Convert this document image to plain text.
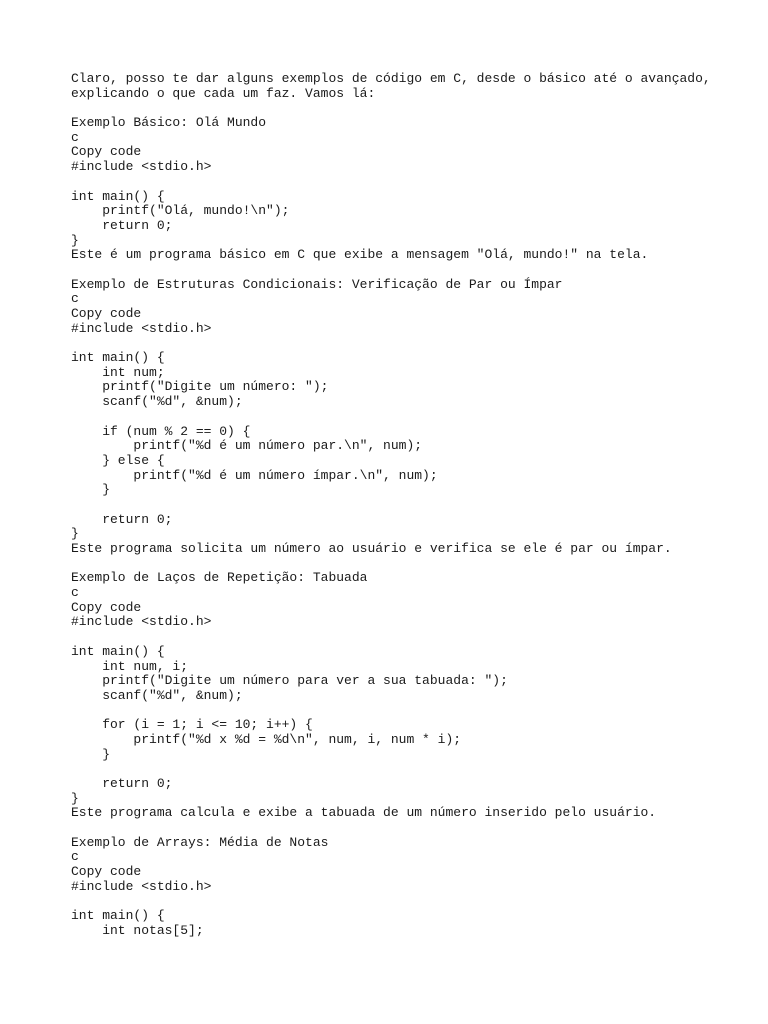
Claro, posso te dar alguns exemplos de código em C, desde o básico até o avançado,
explicando o que cada um faz. Vamos lá:
Exemplo Básico: Olá Mundo
c
Copy code
#include <stdio.h>
int main() {
printf("Olá, mundo!\n");
return 0;
}
Este é um programa básico em C que exibe a mensagem "Olá, mundo!" na tela.
Exemplo de Estruturas Condicionais: Verificação de Par ou Ímpar
c
Copy code
#include <stdio.h>
int main() {
int num;
printf("Digite um número: ");
scanf("%d", &num);
if (num % 2 == 0) {
printf("%d é um número par.\n", num);
} else {
printf("%d é um número ímpar.\n", num);
}
return 0;
}
Este programa solicita um número ao usuário e verifica se ele é par ou ímpar.
Exemplo de Laços de Repetição: Tabuada
c
Copy code
#include <stdio.h>
int main() {
int num, i;
printf("Digite um número para ver a sua tabuada: ");
scanf("%d", &num);
for (i = 1; i <= 10; i++) {
printf("%d x %d = %d\n", num, i, num * i);
}
return 0;
}
Este programa calcula e exibe a tabuada de um número inserido pelo usuário.
Exemplo de Arrays: Média de Notas
c
Copy code
#include <stdio.h>
int main() {
int notas[5];
